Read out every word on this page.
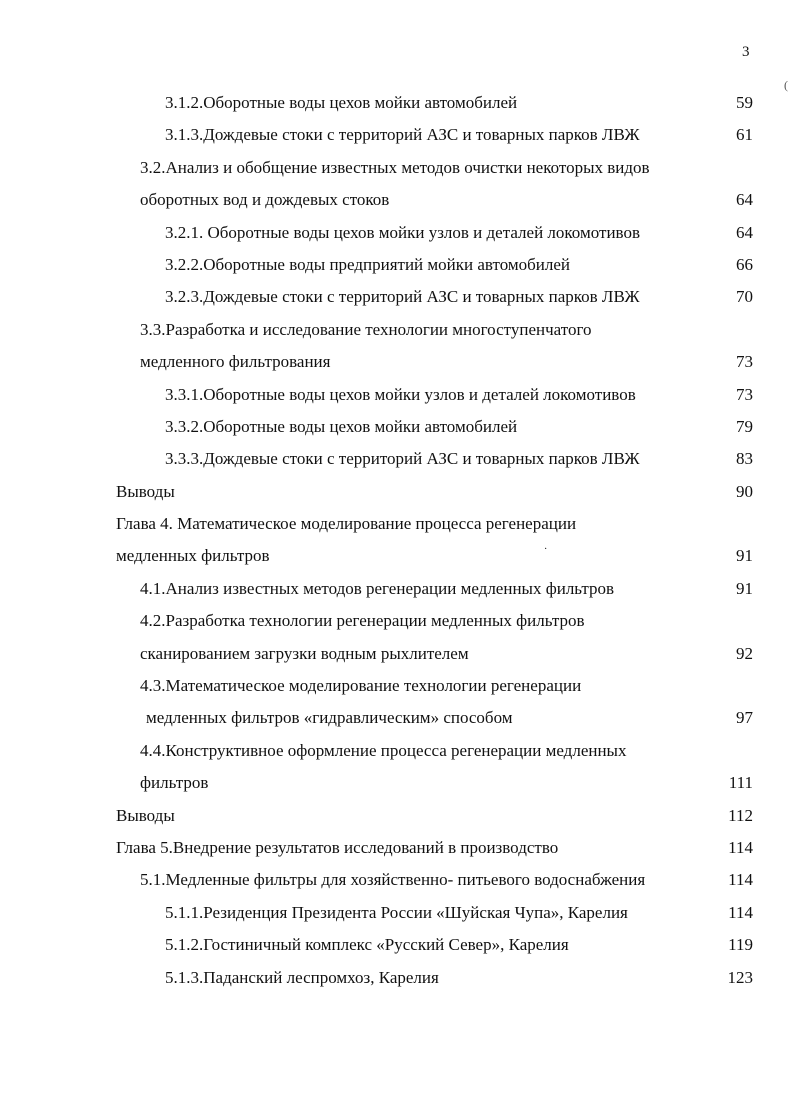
3
(
·
3.1.2.Оборотные воды цехов мойки автомобилей	59
3.1.3.Дождевые стоки с территорий АЗС и товарных парков ЛВЖ	61
3.2.Анализ и обобщение известных методов очистки некоторых видов
оборотных вод и дождевых стоков	64
3.2.1. Оборотные воды цехов мойки узлов и деталей локомотивов	64
3.2.2.Оборотные воды предприятий мойки автомобилей	66
3.2.3.Дождевые стоки с территорий АЗС и товарных парков ЛВЖ	70
3.3.Разработка и исследование технологии многоступенчатого
медленного фильтрования	73
3.3.1.Оборотные воды цехов мойки узлов и деталей локомотивов	73
3.3.2.Оборотные воды цехов мойки автомобилей	79
3.3.3.Дождевые стоки с территорий АЗС и товарных парков ЛВЖ	83
Выводы	90
Глава 4. Математическое моделирование процесса регенерации
медленных фильтров	91
4.1.Анализ известных методов регенерации медленных фильтров	91
4.2.Разработка технологии регенерации медленных фильтров
сканированием загрузки водным рыхлителем	92
4.3.Математическое моделирование технологии регенерации
медленных фильтров «гидравлическим» способом	97
4.4.Конструктивное оформление процесса регенерации медленных
фильтров	111
Выводы	112
Глава 5.Внедрение результатов исследований в производство	114
5.1.Медленные фильтры для хозяйственно- питьевого водоснабжения	114
5.1.1.Резиденция Президента России «Шуйская Чупа», Карелия	114
5.1.2.Гостиничный комплекс «Русский Север», Карелия	119
5.1.3.Паданский леспромхоз, Карелия	123
